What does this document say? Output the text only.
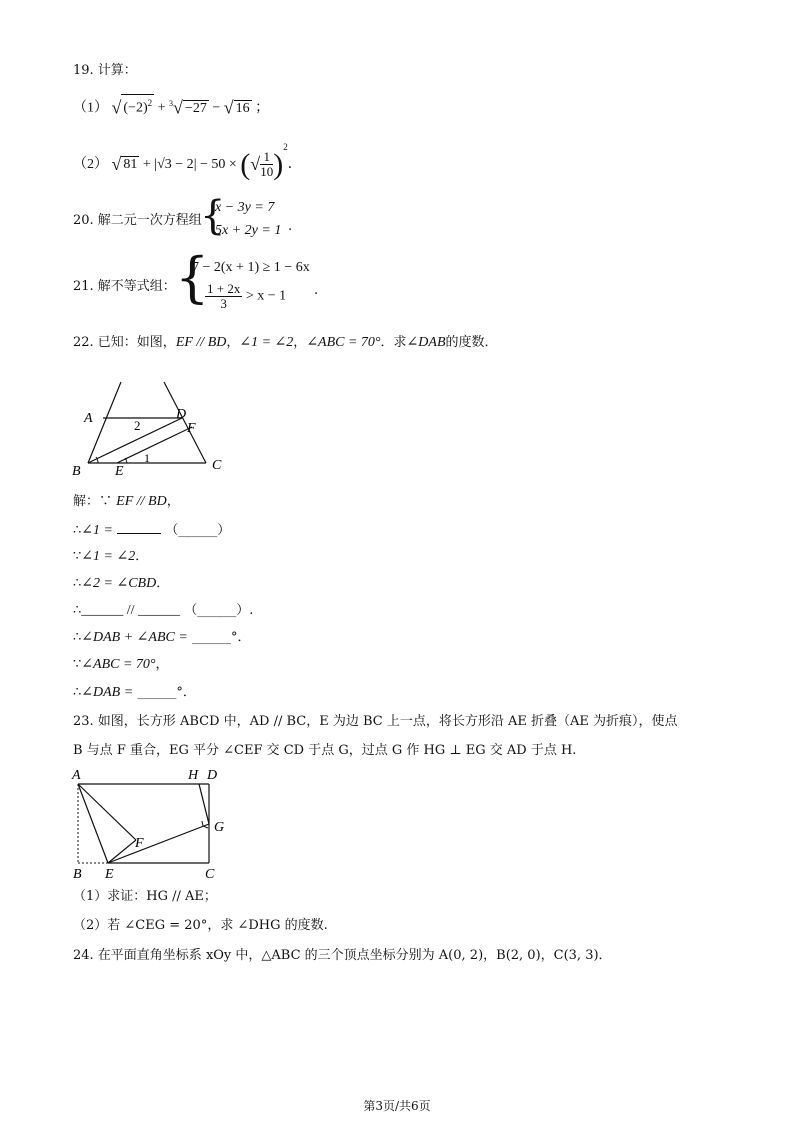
19. 计算：
（1） √ $(-2)^2 + ^3√ -27$ − √ 16 ；
（2） √ 81 + |√3 − 2| − 50 × (√ $\frac{1}{10} )^2$．
20. 解二元一次方程组
{
x − 3y = 7
5x + 2y = 1 .
21. 解不等式组： {
7 − 2(x + 1) ≥ 1 − 6x
$\frac{1 + 2x}{3} > x - 1$ .
22. 已知：如图，EF // BD，∠1 = ∠2，∠ABC = 70°．求∠DAB的度数．
A	D
F
B E	C
1
2
解：∵ EF // BD，
∴∠1 =	（______）
∵∠1 = ∠2．
∴∠2 = ∠CBD．
∴______ // ______ （______）.
∴∠DAB + ∠ABC = ______°．
∵∠ABC = 70°，
∴∠DAB = ______°．
23. 如图，长方形 ABCD 中，AD // BC，E 为边 BC 上一点，将长方形沿 AE 折叠（AE 为折痕），使点
B 与点 F 重合，EG 平分 ∠CEF 交 CD 于点 G，过点 G 作 HG ⊥ EG 交 AD 于点 H.
A	H D
F
G
B E	C
（1）求证：HG // AE；
（2）若 ∠CEG = 20°，求 ∠DHG 的度数.
24. 在平面直角坐标系 xOy 中，△ABC 的三个顶点坐标分别为 A(0, 2)，B(2, 0)，C(3, 3)．
第3页/共6页
